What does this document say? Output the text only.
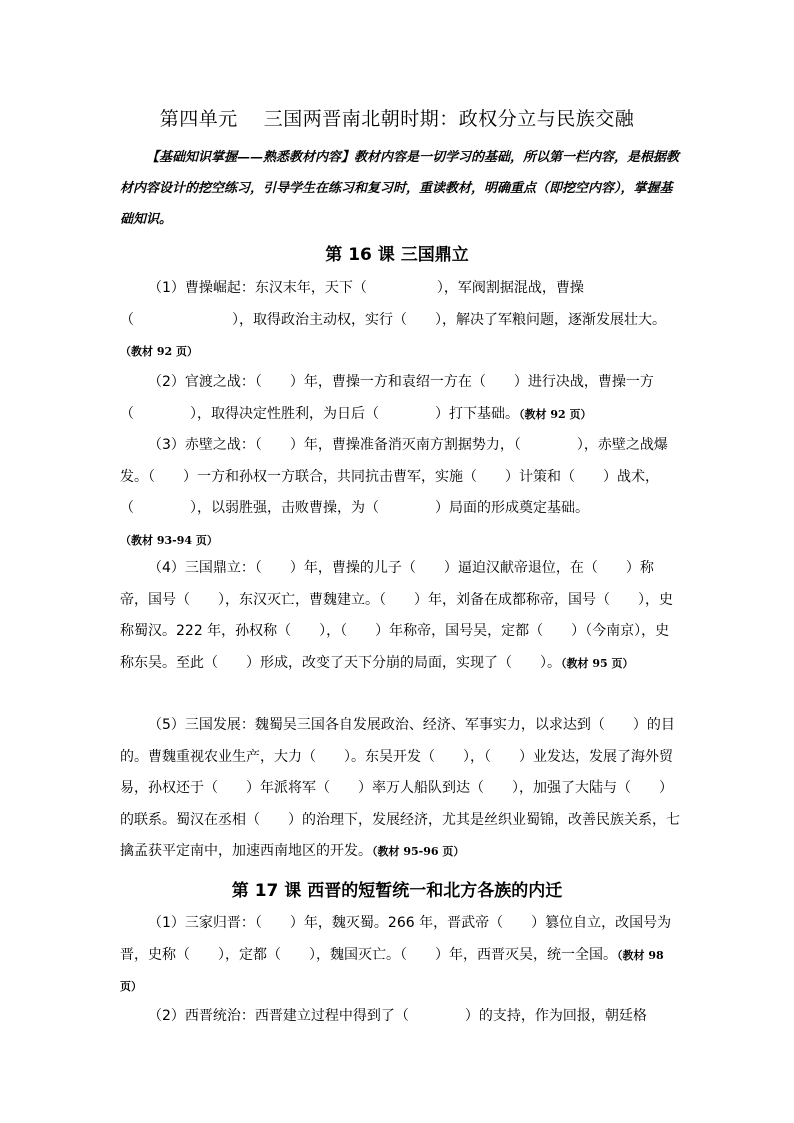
第四单元　 三国两晋南北朝时期：政权分立与民族交融
【基础知识掌握——熟悉教材内容】教材内容是一切学习的基础，所以第一栏内容，是根据教材内容设计的挖空练习，引导学生在练习和复习时，重读教材，明确重点（即挖空内容），掌握基础知识。
第 16 课 三国鼎立
（1）曹操崛起：东汉末年，天下（　　　　　），军阀割据混战，曹操（　　　　　　　），取得政治主动权，实行（　　），解决了军粮问题，逐渐发展壮大。（教材 92 页）
（2）官渡之战：（　　）年，曹操一方和袁绍一方在（　　）进行决战，曹操一方（　　　　），取得决定性胜利，为日后（　　　　）打下基础。（教材 92 页）
（3）赤壁之战：（　　）年，曹操准备消灭南方割据势力，（　　　　），赤壁之战爆发。（　　）一方和孙权一方联合，共同抗击曹军，实施（　　）计策和（　　）战术，（　　　　），以弱胜强，击败曹操，为（　　　　）局面的形成奠定基础。（教材 93-94 页）
（4）三国鼎立：（　　）年，曹操的儿子（　　）逼迫汉献帝退位，在（　　）称帝，国号（　　），东汉灭亡，曹魏建立。（　　）年，刘备在成都称帝，国号（　　），史称蜀汉。222 年，孙权称（　　），（　　）年称帝，国号吴，定都（　　）（今南京），史称东吴。至此（　　）形成，改变了天下分崩的局面，实现了（　　）。（教材 95 页）
（5）三国发展：魏蜀吴三国各自发展政治、经济、军事实力，以求达到（　　）的目的。曹魏重视农业生产，大力（　　）。东吴开发（　　），（　　）业发达，发展了海外贸易，孙权还于（　　）年派将军（　　）率万人船队到达（　　），加强了大陆与（　　）的联系。蜀汉在丞相（　　）的治理下，发展经济，尤其是丝织业蜀锦，改善民族关系，七擒孟获平定南中，加速西南地区的开发。（教材 95-96 页）
第 17 课 西晋的短暂统一和北方各族的内迁
（1）三家归晋：（　　）年，魏灭蜀。266 年，晋武帝（　　）篡位自立，改国号为晋，史称（　　），定都（　　），魏国灭亡。（　　）年，西晋灭吴，统一全国。（教材 98 页）
（2）西晋统治：西晋建立过程中得到了（　　　　）的支持，作为回报，朝廷格
